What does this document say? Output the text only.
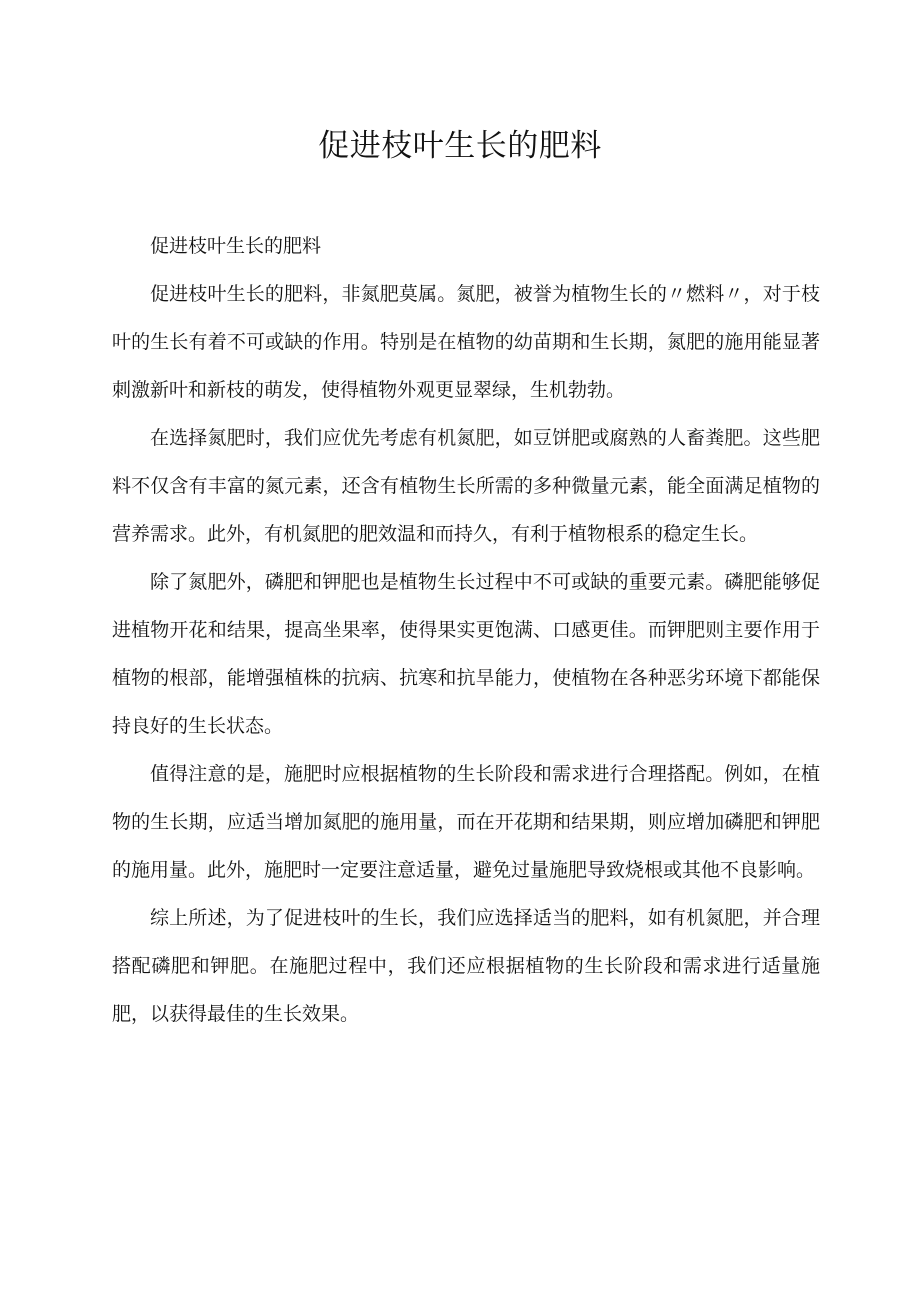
促进枝叶生长的肥料

促进枝叶生长的肥料

促进枝叶生长的肥料，非氮肥莫属。氮肥，被誉为植物生长的〃燃料〃，对于枝叶的生长有着不可或缺的作用。特别是在植物的幼苗期和生长期，氮肥的施用能显著刺激新叶和新枝的萌发，使得植物外观更显翠绿，生机勃勃。

在选择氮肥时，我们应优先考虑有机氮肥，如豆饼肥或腐熟的人畜粪肥。这些肥料不仅含有丰富的氮元素，还含有植物生长所需的多种微量元素，能全面满足植物的营养需求。此外，有机氮肥的肥效温和而持久，有利于植物根系的稳定生长。

除了氮肥外，磷肥和钾肥也是植物生长过程中不可或缺的重要元素。磷肥能够促进植物开花和结果，提高坐果率，使得果实更饱满、口感更佳。而钾肥则主要作用于植物的根部，能增强植株的抗病、抗寒和抗旱能力，使植物在各种恶劣环境下都能保持良好的生长状态。

值得注意的是，施肥时应根据植物的生长阶段和需求进行合理搭配。例如，在植物的生长期，应适当增加氮肥的施用量，而在开花期和结果期，则应增加磷肥和钾肥的施用量。此外，施肥时一定要注意适量，避免过量施肥导致烧根或其他不良影响。

综上所述，为了促进枝叶的生长，我们应选择适当的肥料，如有机氮肥，并合理搭配磷肥和钾肥。在施肥过程中，我们还应根据植物的生长阶段和需求进行适量施肥，以获得最佳的生长效果。
